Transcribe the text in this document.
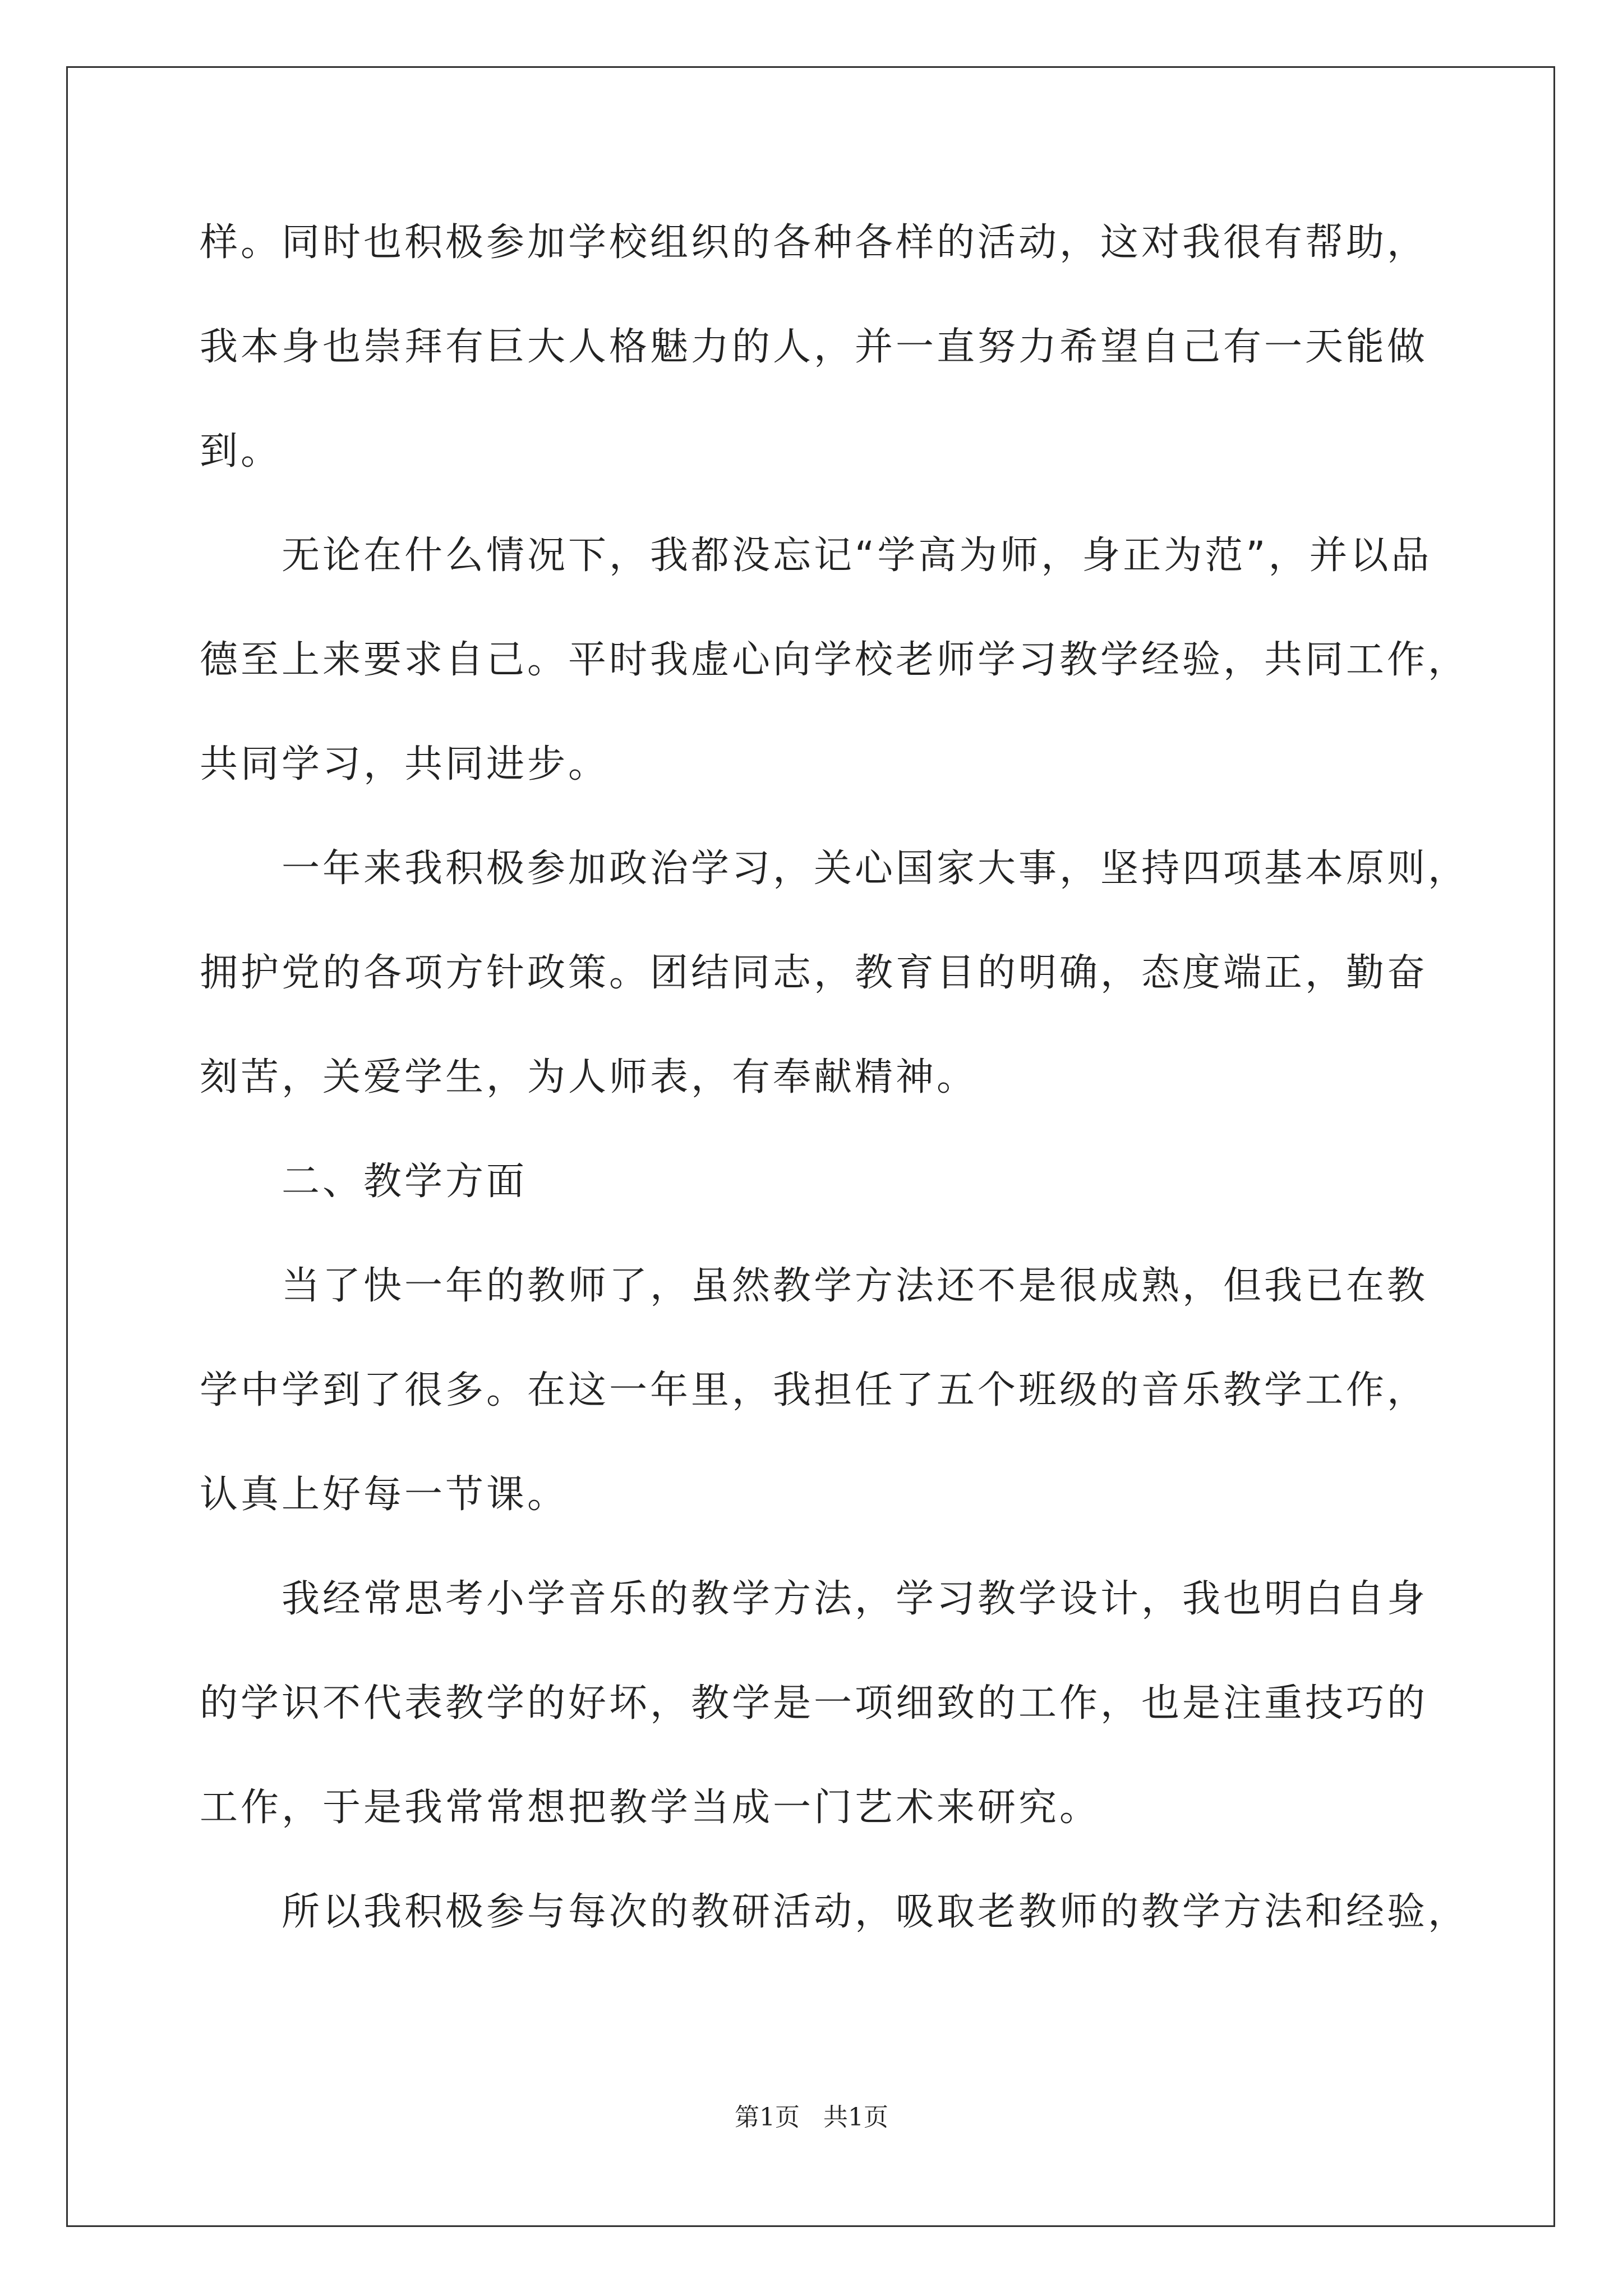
样。同时也积极参加学校组织的各种各样的活动，这对我很有帮助，
我本身也崇拜有巨大人格魅力的人，并一直努力希望自己有一天能做
到。
无论在什么情况下，我都没忘记“学高为师，身正为范”，并以品
德至上来要求自己。平时我虚心向学校老师学习教学经验，共同工作，
共同学习，共同进步。
一年来我积极参加政治学习，关心国家大事，坚持四项基本原则，
拥护党的各项方针政策。团结同志，教育目的明确，态度端正，勤奋
刻苦，关爱学生，为人师表，有奉献精神。
二、教学方面
当了快一年的教师了，虽然教学方法还不是很成熟，但我已在教
学中学到了很多。在这一年里，我担任了五个班级的音乐教学工作，
认真上好每一节课。
我经常思考小学音乐的教学方法，学习教学设计，我也明白自身
的学识不代表教学的好坏，教学是一项细致的工作，也是注重技巧的
工作，于是我常常想把教学当成一门艺术来研究。
所以我积极参与每次的教研活动，吸取老教师的教学方法和经验，
第1页   共1页
